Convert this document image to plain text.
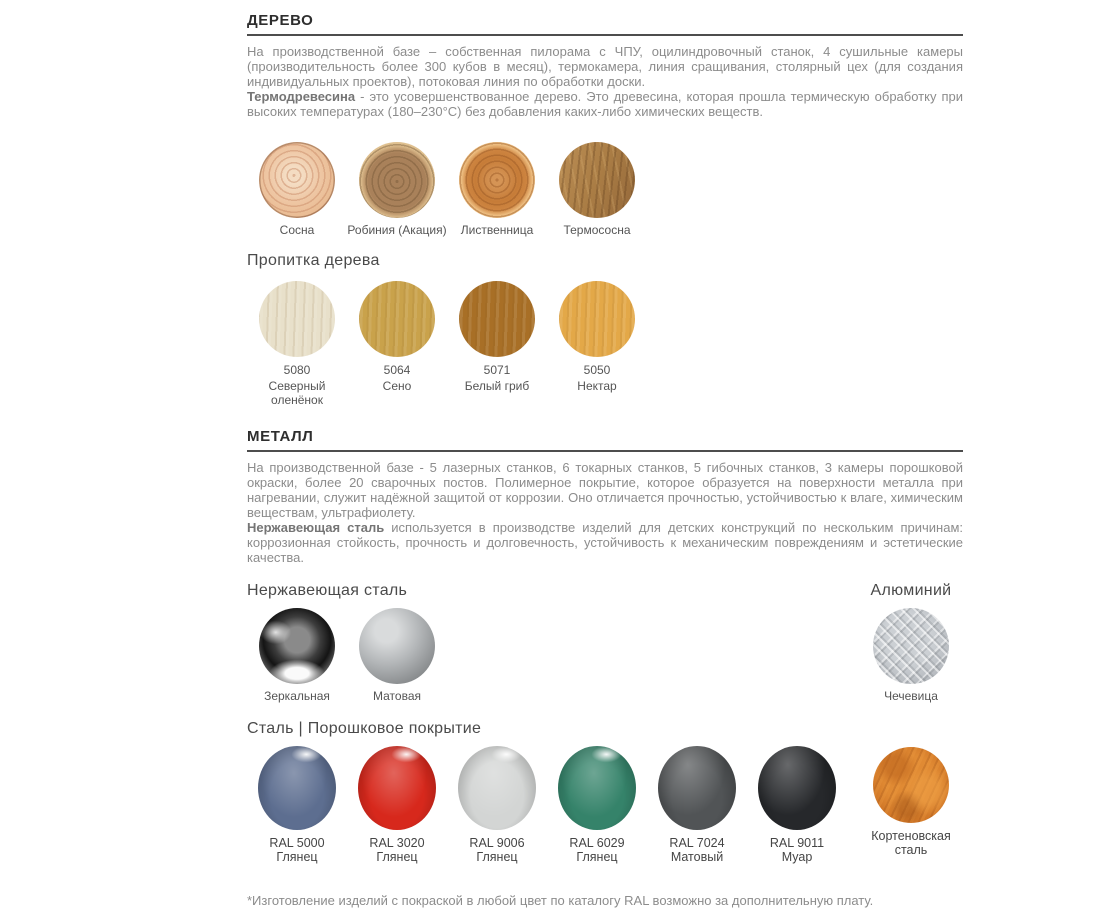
ДЕРЕВО

На производственной базе – собственная пилорама с ЧПУ, оцилиндровочный станок, 4 сушильные камеры (производительность более 300 кубов в месяц), термокамера, линия сращивания, столярный цех (для создания индивидуальных проектов), потоковая линия по обработки доски.

Термодревесина - это усовершенствованное дерево. Это древесина, которая прошла термическую обработку при высоких температурах (180–230°C) без добавления каких-либо химических веществ.

Сосна	Робиния (Акация) Лиственница	Термососна
Пропитка дерева
5080
Северный оленёнок
5064
Сено
5071
Белый гриб
5050
Нектар
МЕТАЛЛ

На производственной базе - 5 лазерных станков, 6 токарных станков, 5 гибочных станков, 3 камеры порошковой окраски, более 20 сварочных постов. Полимерное покрытие, которое образуется на поверхности металла при нагревании, служит надёжной защитой от коррозии. Оно отличается прочностью, устойчивостью к влаге, химическим веществам, ультрафиолету.

Нержавеющая сталь используется в производстве изделий для детских конструкций по нескольким причинам: коррозионная стойкость, прочность и долговечность, устойчивость к механическим повреждениям и эстетические качества.

Нержавеющая сталь
Зеркальная	Матовая
Алюминий
Чечевица
Сталь | Порошковое покрытие
RAL 5000
Глянец
RAL 3020
Глянец
RAL 9006
Глянец
RAL 6029
Глянец
RAL 7024
Матовый
RAL 9011
Муар
Кортеновская сталь

*Изготовление изделий с покраской в любой цвет по каталогу RAL возможно за дополнительную плату.
